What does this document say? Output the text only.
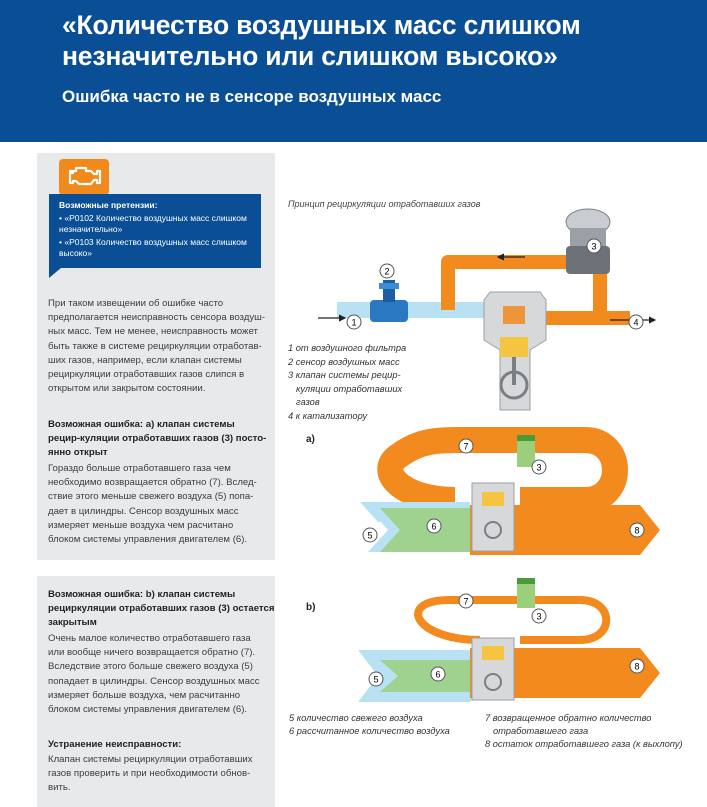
«Количество воздушных масс слишком незначительно или слишком высоко»
Ошибка часто не в сенсоре воздушных масс
Возможные претензии:
• «P0102 Количество воздушных масс слишком незначительно»
• «P0103 Количество воздушных масс слишком высоко»
При таком извещении об ошибке часто
предполагается неисправность сенсора воздуш-
ных масс. Тем не менее, неисправность может
быть также в системе рециркуляции отработав-
ших газов, например, если клапан системы
рециркуляции отработавших газов слипся в
открытом или закрытом состоянии.
Возможная ошибка: а) клапан системы
рецир-куляции отработавших газов (3) посто-
янно открыт
Гораздо больше отработавшего газа чем
необходимо возвращается обратно (7). Вслед-
ствие этого меньше свежего воздуха (5) попа-
дает в цилиндры. Сенсор воздушных масс
измеряет меньше воздуха чем расчитано
блоком системы управления двигателем (6).
Возможная ошибка: b) клапан системы
рециркуляции отработавших газов (3) остается
закрытым
Очень малое количество отработавшего газа
или вообще ничего возвращается обратно (7).
Вследствие этого больше свежего воздуха (5)
попадает в цилиндры. Сенсор воздушных масс
измеряет больше воздуха, чем расчитанно
блоком системы управления двигателем (6).
Устранение неисправности:
Клапан системы рециркуляции отработавших
газов проверить и при необходимости обнов-
вить.
1
2
3
4
7
3
5
6	8
7
3
5	6
8
Принцип рециркуляции отработавших газов
1 от воздушного фильтра
2 сенсор воздушных масс
3 клапан системы рецир-
куляции отработавших
газов
4 к катализатору
a)
b)
5 количество свежего воздуха
6 рассчитанное количество воздуха
7 возвращенное обратно количество
отработавшего газа
8 остаток отработавшего газа (к выхлопу)
